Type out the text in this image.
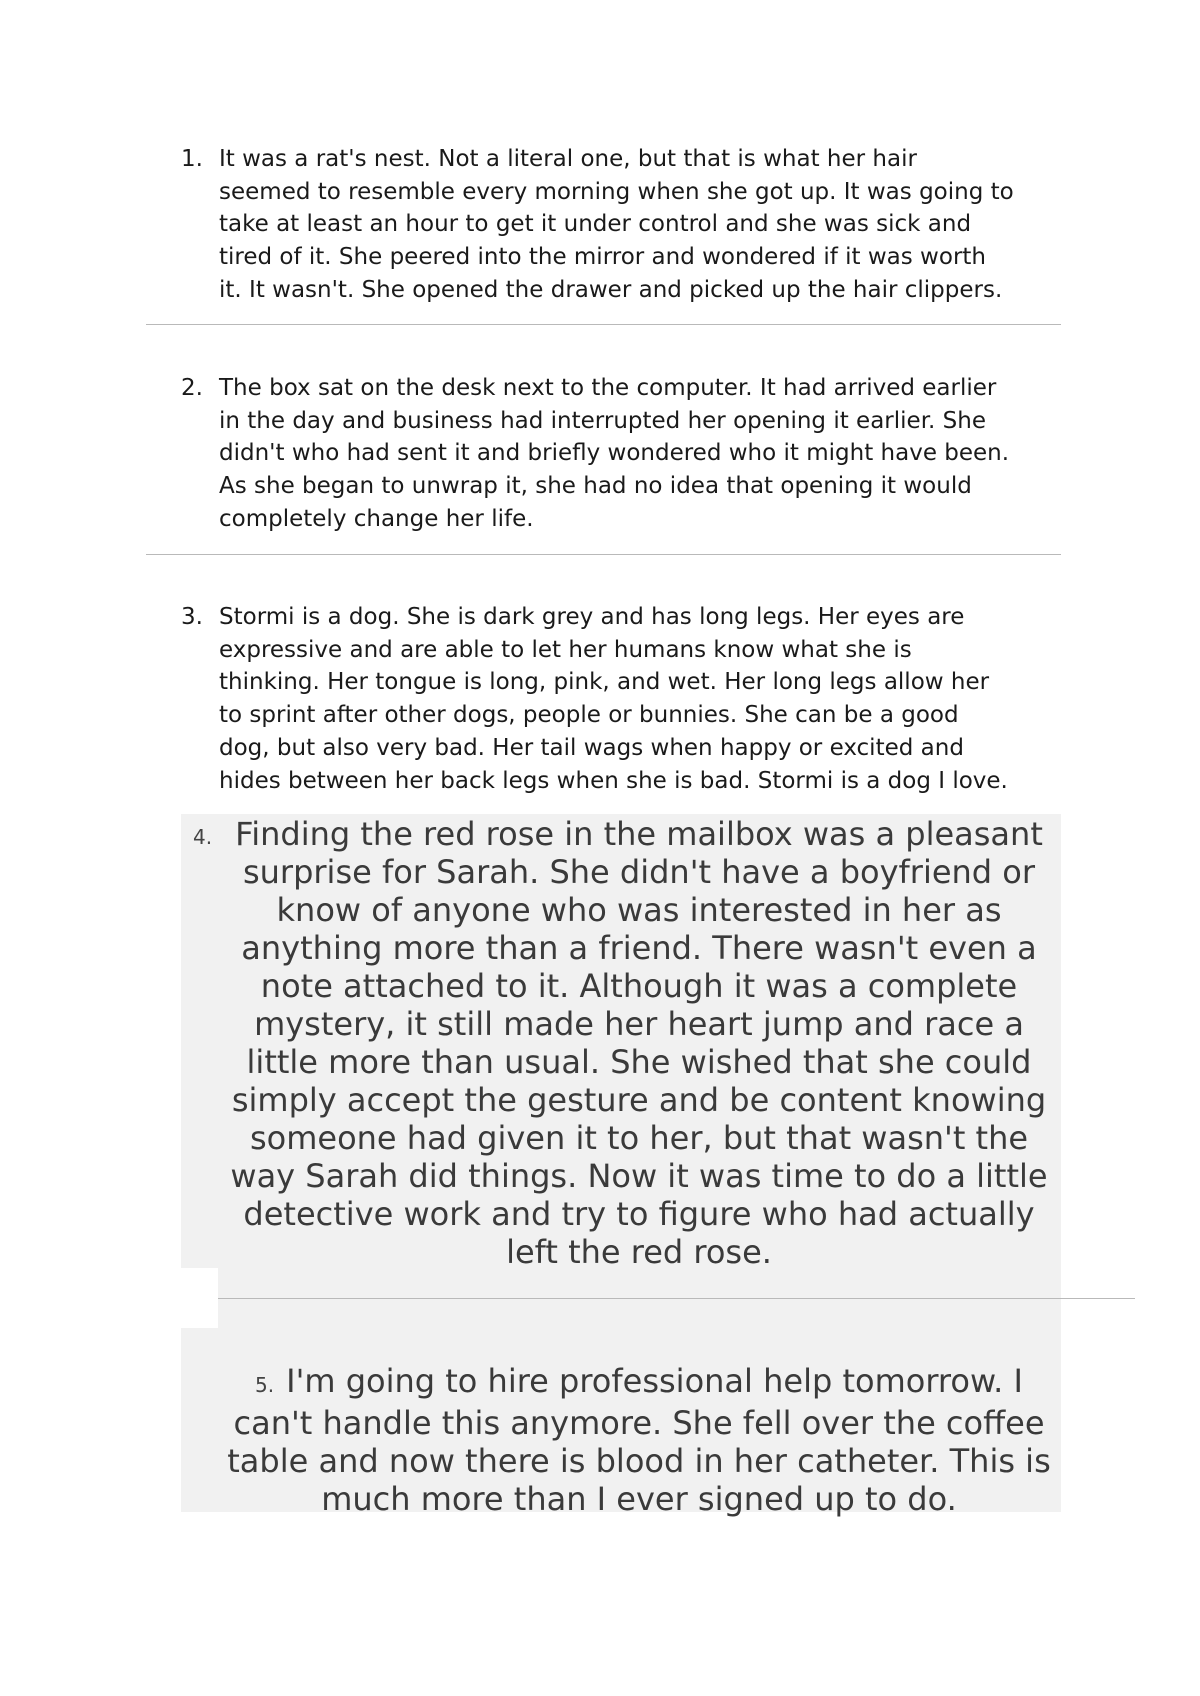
1. It was a rat's nest. Not a literal one, but that is what her hair
seemed to resemble every morning when she got up. It was going to
take at least an hour to get it under control and she was sick and
tired of it. She peered into the mirror and wondered if it was worth
it. It wasn't. She opened the drawer and picked up the hair clippers.
2. The box sat on the desk next to the computer. It had arrived earlier
in the day and business had interrupted her opening it earlier. She
didn't who had sent it and briefly wondered who it might have been.
As she began to unwrap it, she had no idea that opening it would
completely change her life.
3. Stormi is a dog. She is dark grey and has long legs. Her eyes are
expressive and are able to let her humans know what she is
thinking. Her tongue is long, pink, and wet. Her long legs allow her
to sprint after other dogs, people or bunnies. She can be a good
dog, but also very bad. Her tail wags when happy or excited and
hides between her back legs when she is bad. Stormi is a dog I love.
4. Finding the red rose in the mailbox was a pleasant
surprise for Sarah. She didn't have a boyfriend or
know of anyone who was interested in her as
anything more than a friend. There wasn't even a
note attached to it. Although it was a complete
mystery, it still made her heart jump and race a
little more than usual. She wished that she could
simply accept the gesture and be content knowing
someone had given it to her, but that wasn't the
way Sarah did things. Now it was time to do a little
detective work and try to figure who had actually
left the red rose.
5. I'm going to hire professional help tomorrow. I
can't handle this anymore. She fell over the coffee
table and now there is blood in her catheter. This is
much more than I ever signed up to do.
